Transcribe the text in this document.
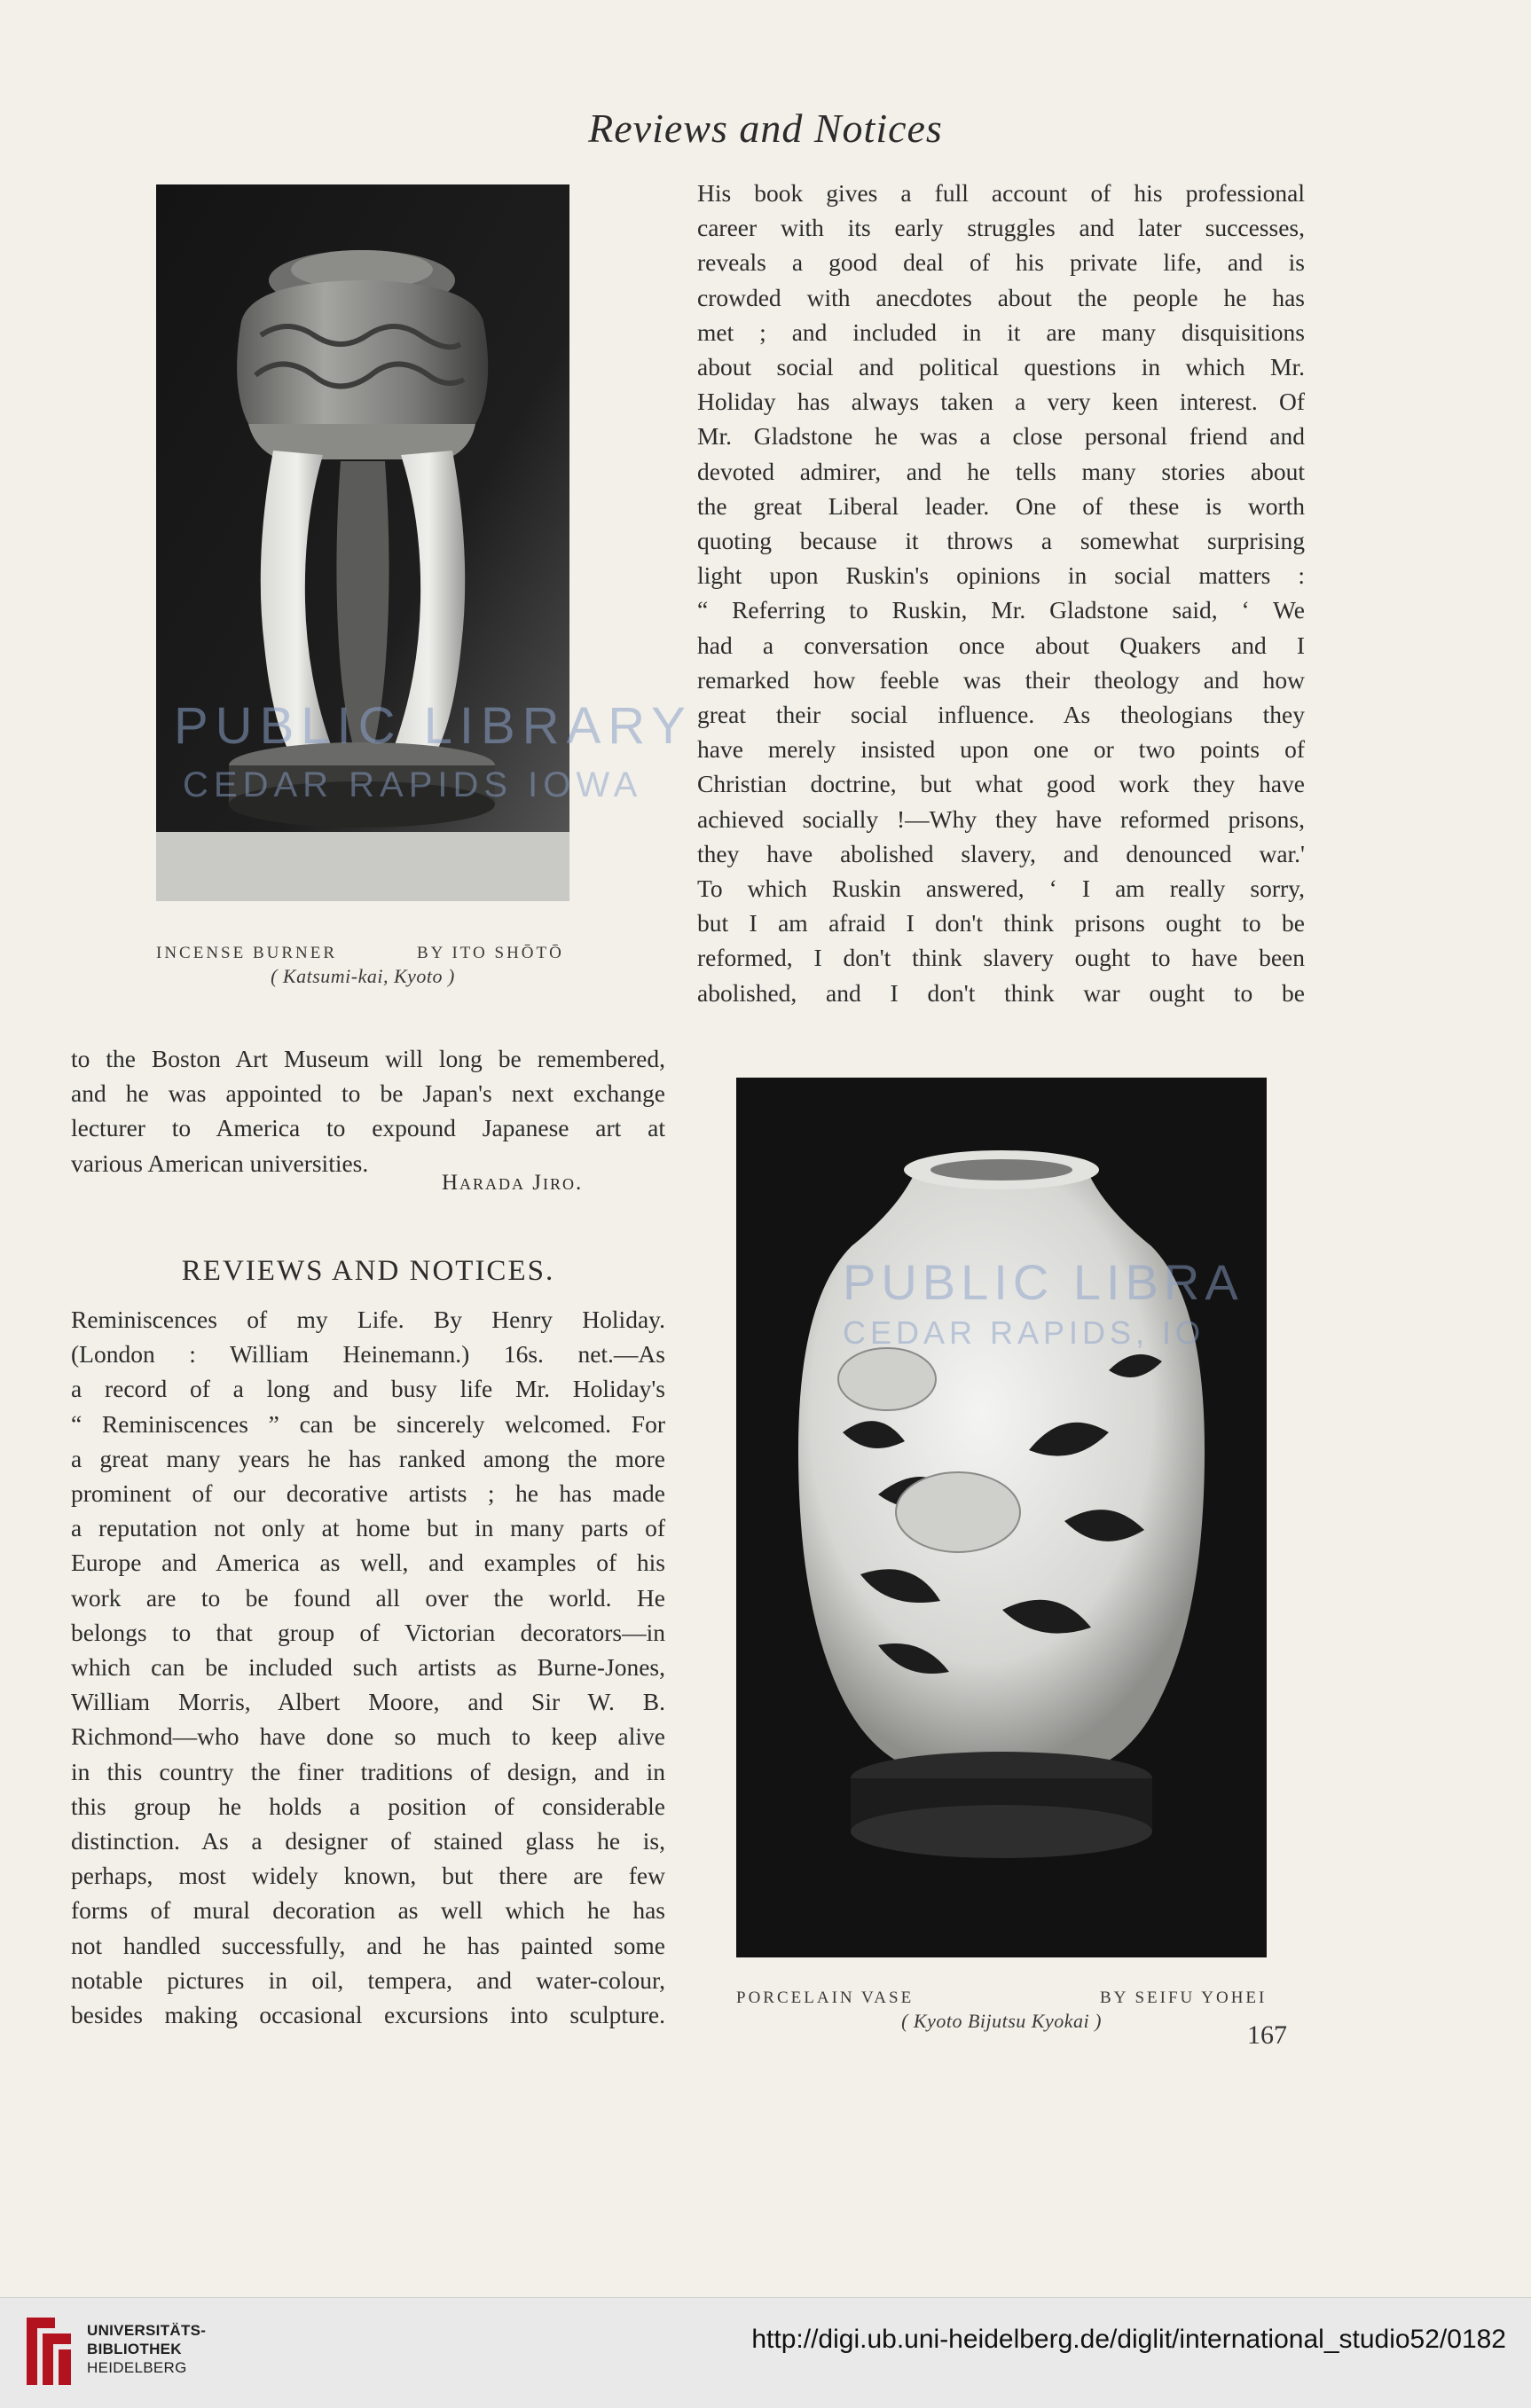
Reviews and Notices
PUBLIC LIBRARY
CEDAR RAPIDS IOWA
INCENSE BURNER	BY ITO SHŌTŌ
( Katsumi-kai, Kyoto )
His book gives a full account of his professional
career with its early struggles and later successes,
reveals a good deal of his private life, and is
crowded with anecdotes about the people he has
met ; and included in it are many disquisitions
about social and political questions in which Mr.
Holiday has always taken a very keen interest. Of
Mr. Gladstone he was a close personal friend and
devoted admirer, and he tells many stories about
the great Liberal leader. One of these is worth
quoting because it throws a somewhat surprising
light upon Ruskin's opinions in social matters :
“ Referring to Ruskin, Mr. Gladstone said, ‘ We
had a conversation once about Quakers and I
remarked how feeble was their theology and how
great their social influence. As theologians they
have merely insisted upon one or two points of
Christian doctrine, but what good work they have
achieved socially !—Why they have reformed prisons,
they have abolished slavery, and denounced war.'
To which Ruskin answered, ‘ I am really sorry,
but I am afraid I don't think prisons ought to be
reformed, I don't think slavery ought to have been
abolished, and I don't think war ought to be
to the Boston Art Museum will long be remembered,
and he was appointed to be Japan's next exchange
lecturer to America to expound Japanese art at
various American universities.
Harada Jiro.
REVIEWS AND NOTICES.
Reminiscences of my Life. By Henry Holiday.
(London : William Heinemann.) 16s. net.—As
a record of a long and busy life Mr. Holiday's
“ Reminiscences ” can be sincerely welcomed. For
a great many years he has ranked among the more
prominent of our decorative artists ; he has made
a reputation not only at home but in many parts of
Europe and America as well, and examples of his
work are to be found all over the world. He
belongs to that group of Victorian decorators—in
which can be included such artists as Burne-Jones,
William Morris, Albert Moore, and Sir W. B.
Richmond—who have done so much to keep alive
in this country the finer traditions of design, and in
this group he holds a position of considerable
distinction. As a designer of stained glass he is,
perhaps, most widely known, but there are few
forms of mural decoration as well which he has
not handled successfully, and he has painted some
notable pictures in oil, tempera, and water-colour,
besides making occasional excursions into sculpture.
PUBLIC LIBRA
CEDAR RAPIDS, IO
PORCELAIN VASE	BY SEIFU YOHEI
( Kyoto Bijutsu Kyokai )	167
UNIVERSITÄTS-
BIBLIOTHEK
HEIDELBERG
http://digi.ub.uni-heidelberg.de/diglit/international_studio52/0182
